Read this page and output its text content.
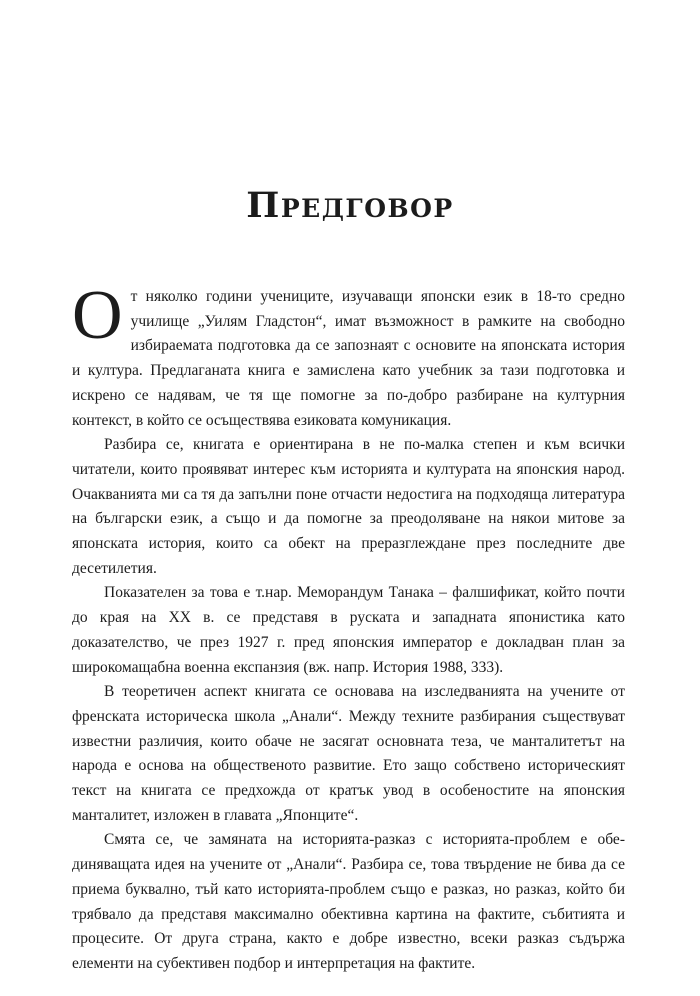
Предговор

От няколко години учениците, изучаващи японски език в 18-то средно училище „Уилям Гладстон“, имат възможност в рамките на свободно избираемата подготовка да се запознаят с основите на японската история и култура. Предлаганата книга е замислена като учебник за тази подготовка и искрено се надявам, че тя ще помогне за по-добро разбиране на културния контекст, в който се осъществява езиковата комуникация.

Разбира се, книгата е ориентирана в не по-малка степен и към всички читатели, които проявяват интерес към историята и културата на японския народ. Очакванията ми са тя да запълни поне отчасти недостига на подходяща литература на български език, а също и да помогне за преодоляване на някои митове за японската история, които са обект на преразглеждане през последните две десетилетия.

Показателен за това е т.нар. Меморандум Танака – фалшификат, който почти до края на XX в. се представя в руската и западната японистика като доказателство, че през 1927 г. пред японския император е докладван план за широкомащабна военна експанзия (вж. напр. История 1988, 333).

В теоретичен аспект книгата се основава на изследванията на учените от френската историческа школа „Анали“. Между техните разбирания съществуват известни различия, които обаче не засягат основната теза, че манталитетът на народа е основа на общественото развитие. Ето защо собствено историческият текст на книгата се предхожда от кратък увод в особеностите на японския манталитет, изложен в главата „Японците“.

Смята се, че замяната на историята-разказ с историята-проблем е обединяващата идея на учените от „Анали“. Разбира се, това твърдение не бива да се приема буквално, тъй като историята-проблем също е разказ, но разказ, който би трябвало да представя максимално обективна картина на фактите, събитията и процесите. От друга страна, както е добре известно, всеки разказ съдържа елементи на субективен подбор и интерпретация на фактите.
